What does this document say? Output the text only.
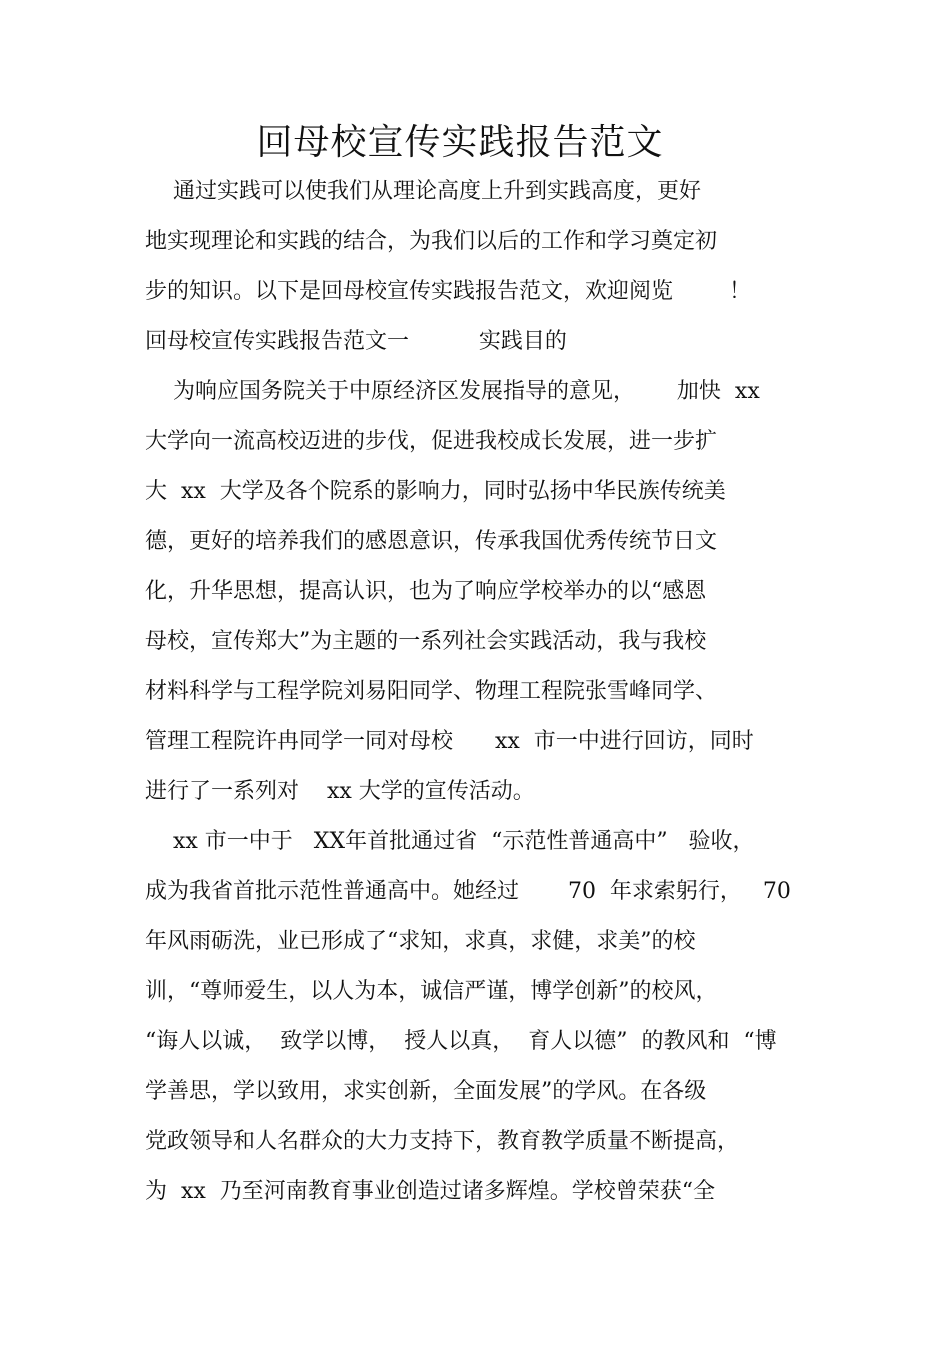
回母校宣传实践报告范文
通过实践可以使我们从理论高度上升到实践高度，更好
地实现理论和实践的结合，为我们以后的工作和学习奠定初
步的知识。以下是回母校宣传实践报告范文，欢迎阅览        ！
回母校宣传实践报告范文一          实践目的
为响应国务院关于中原经济区发展指导的意见，      加快  xx
大学向一流高校迈进的步伐，促进我校成长发展，进一步扩
大  xx  大学及各个院系的影响力，同时弘扬中华民族传统美
德，更好的培养我们的感恩意识，传承我国优秀传统节日文
化，升华思想，提高认识，也为了响应学校举办的以“感恩
母校，宣传郑大”为主题的一系列社会实践活动，我与我校
材料科学与工程学院刘易阳同学、物理工程院张雪峰同学、
管理工程院许冉同学一同对母校      xx  市一中进行回访，同时
进行了一系列对    xx 大学的宣传活动。
xx 市一中于   XX年首批通过省  “示范性普通高中”   验收，
成为我省首批示范性普通高中。她经过       70  年求索躬行，   70
年风雨砺洗，业已形成了“求知，求真，求健，求美”的校
训，“尊师爱生，以人为本，诚信严谨，博学创新”的校风，
“诲人以诚，  致学以博，  授人以真，  育人以德”  的教风和  “博
学善思，学以致用，求实创新，全面发展”的学风。在各级
党政领导和人名群众的大力支持下，教育教学质量不断提高，
为  xx  乃至河南教育事业创造过诸多辉煌。学校曾荣获“全
